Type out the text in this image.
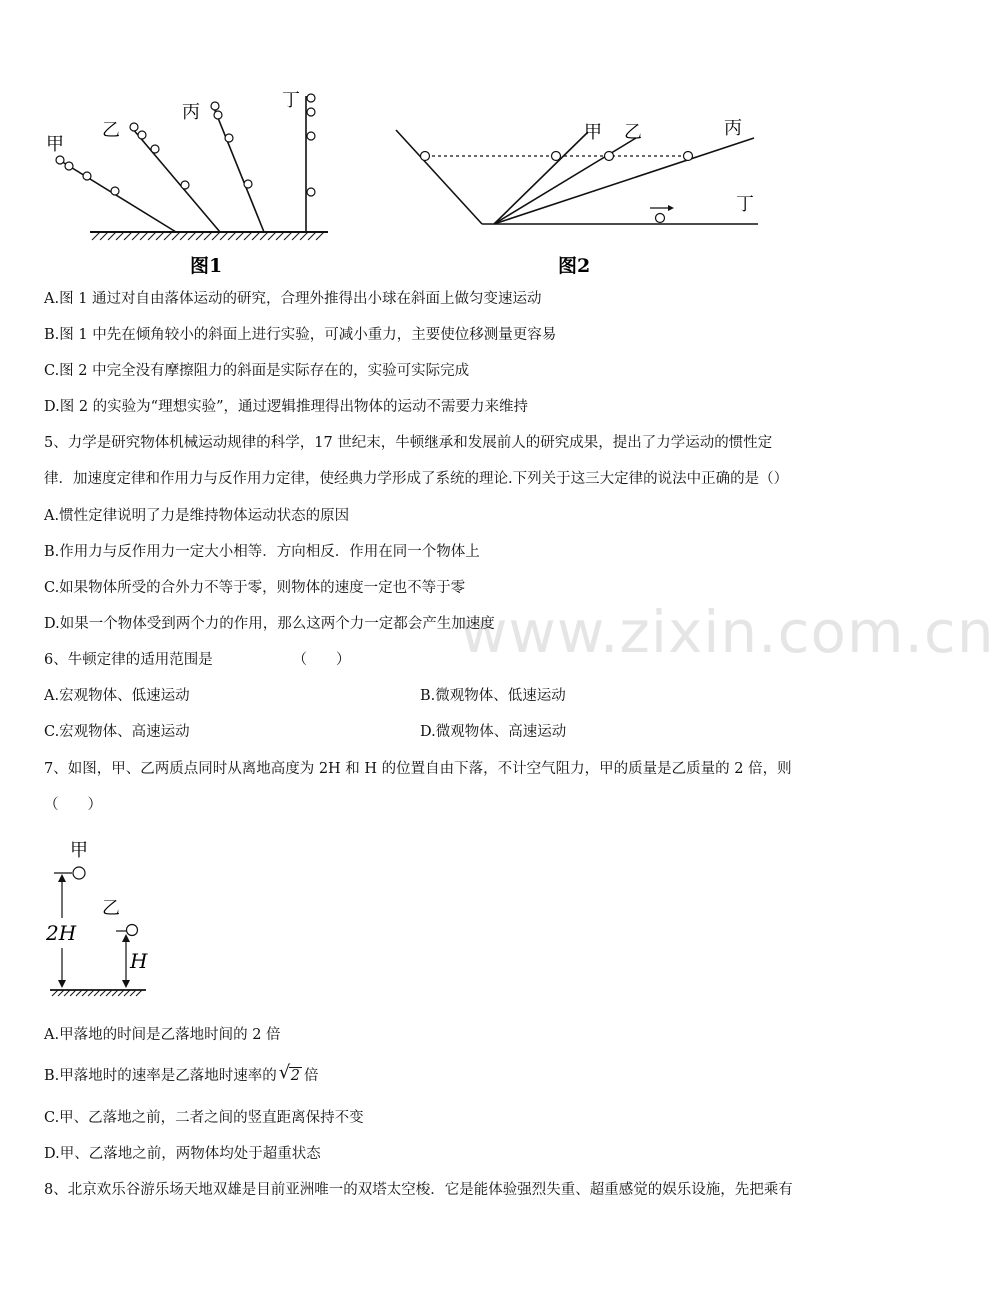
甲
乙
丙
丁
图1
甲 乙	丙
丁
图2
A.图 1 通过对自由落体运动的研究，合理外推得出小球在斜面上做匀变速运动
B.图 1 中先在倾角较小的斜面上进行实验，可减小重力，主要使位移测量更容易
C.图 2 中完全没有摩擦阻力的斜面是实际存在的，实验可实际完成
D.图 2 的实验为“理想实验”，通过逻辑推理得出物体的运动不需要力来维持
5、力学是研究物体机械运动规律的科学，17 世纪末，牛顿继承和发展前人的研究成果，提出了力学运动的惯性定
律．加速度定律和作用力与反作用力定律，使经典力学形成了系统的理论.下列关于这三大定律的说法中正确的是（）
A.惯性定律说明了力是维持物体运动状态的原因
B.作用力与反作用力一定大小相等．方向相反．作用在同一个物体上
C.如果物体所受的合外力不等于零，则物体的速度一定也不等于零
D.如果一个物体受到两个力的作用，那么这两个力一定都会产生加速度
www.zixin.com.cn
6、牛顿定律的适用范围是　　　　　　（　　）
A.宏观物体、低速运动	B.微观物体、低速运动
C.宏观物体、高速运动	D.微观物体、高速运动
7、如图，甲、乙两质点同时从离地高度为 2H 和 H 的位置自由下落，不计空气阻力，甲的质量是乙质量的 2 倍，则
（　　）
甲
2H
乙
H
A.甲落地的时间是乙落地时间的 2 倍
B.甲落地时的速率是乙落地时速率的 √ 2 倍
C.甲、乙落地之前，二者之间的竖直距离保持不变
D.甲、乙落地之前，两物体均处于超重状态
8、北京欢乐谷游乐场天地双雄是目前亚洲唯一的双塔太空梭．它是能体验强烈失重、超重感觉的娱乐设施，先把乘有
